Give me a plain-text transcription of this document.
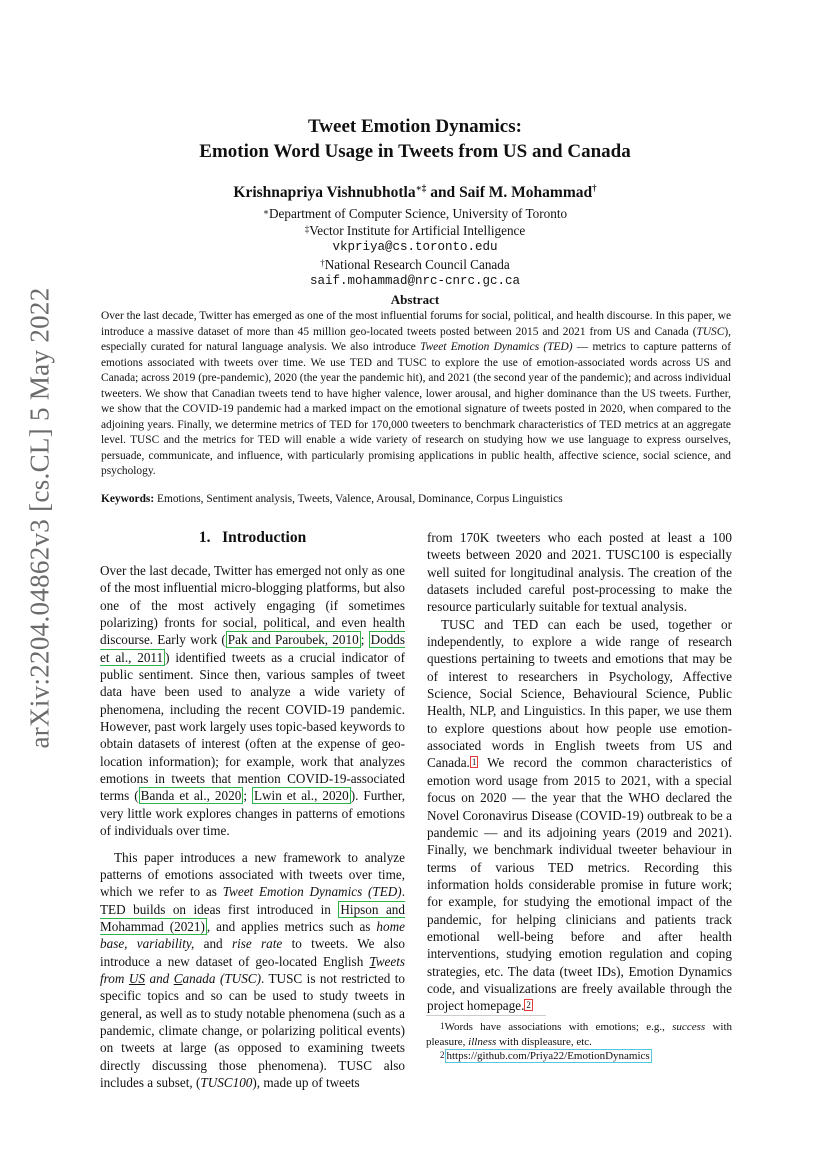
arXiv:2204.04862v3 [cs.CL] 5 May 2022
Tweet Emotion Dynamics:
Emotion Word Usage in Tweets from US and Canada
Krishnapriya Vishnubhotla∗‡ and Saif M. Mohammad†
∗Department of Computer Science, University of Toronto
‡Vector Institute for Artificial Intelligence
vkpriya@cs.toronto.edu
†National Research Council Canada
saif.mohammad@nrc-cnrc.gc.ca
Abstract
Over the last decade, Twitter has emerged as one of the most influential forums for social, political, and health discourse. In this paper, we introduce a massive dataset of more than 45 million geo-located tweets posted between 2015 and 2021 from US and Canada (TUSC), especially curated for natural language analysis. We also introduce Tweet Emotion Dynamics (TED) — metrics to capture patterns of emotions associated with tweets over time. We use TED and TUSC to explore the use of emotion-associated words across US and Canada; across 2019 (pre-pandemic), 2020 (the year the pandemic hit), and 2021 (the second year of the pandemic); and across individual tweeters. We show that Canadian tweets tend to have higher valence, lower arousal, and higher dominance than the US tweets. Further, we show that the COVID-19 pandemic had a marked impact on the emotional signature of tweets posted in 2020, when compared to the adjoining years. Finally, we determine metrics of TED for 170,000 tweeters to benchmark characteristics of TED metrics at an aggregate level. TUSC and the metrics for TED will enable a wide variety of research on studying how we use language to express ourselves, persuade, communicate, and influence, with particularly promising applications in public health, affective science, social science, and psychology.
Keywords: Emotions, Sentiment analysis, Tweets, Valence, Arousal, Dominance, Corpus Linguistics
1. Introduction

Over the last decade, Twitter has emerged not only as one of the most influential micro-blogging platforms, but also one of the most actively engaging (if sometimes polarizing) fronts for social, political, and even health discourse. Early work ( Pak and Paroubek, 2010 ; Dodds et al., 2011 ) identified tweets as a crucial indicator of public sentiment. Since then, various samples of tweet data have been used to analyze a wide variety of phenomena, including the recent COVID-19 pandemic. However, past work largely uses topic-based keywords to obtain datasets of interest (often at the expense of geo-location information); for example, work that analyzes emotions in tweets that mention COVID-19-associated terms ( Banda et al., 2020 ; Lwin et al., 2020 ). Further, very little work explores changes in patterns of emotions of individuals over time.

This paper introduces a new framework to analyze patterns of emotions associated with tweets over time, which we refer to as Tweet Emotion Dynamics (TED). TED builds on ideas first introduced in Hipson and Mohammad (2021) , and applies metrics such as home base, variability, and rise rate to tweets. We also introduce a new dataset of geo-located English Tweets from US and Canada (TUSC). TUSC is not restricted to specific topics and so can be used to study tweets in general, as well as to study notable phenomena (such as a pandemic, climate change, or polarizing political events) on tweets at large (as opposed to examining tweets directly discussing those phenomena). TUSC also includes a subset, (TUSC100), made up of tweets

from 170K tweeters who each posted at least a 100 tweets between 2020 and 2021. TUSC100 is especially well suited for longitudinal analysis. The creation of the datasets included careful post-processing to make the resource particularly suitable for textual analysis.

TUSC and TED can each be used, together or independently, to explore a wide range of research questions pertaining to tweets and emotions that may be of interest to researchers in Psychology, Affective Science, Social Science, Behavioural Science, Public Health, NLP, and Linguistics. In this paper, we use them to explore questions about how people use emotion-associated words in English tweets from US and Canada. $^1$ We record the common characteristics of emotion word usage from 2015 to 2021, with a special focus on 2020 — the year that the WHO declared the Novel Coronavirus Disease (COVID-19) outbreak to be a pandemic — and its adjoining years (2019 and 2021). Finally, we benchmark individual tweeter behaviour in terms of various TED metrics. Recording this information holds considerable promise in future work; for example, for studying the emotional impact of the pandemic, for helping clinicians and patients track emotional well-being before and after health interventions, studying emotion regulation and coping strategies, etc. The data (tweet IDs), Emotion Dynamics code, and visualizations are freely available through the project homepage. $^2$

$^1$Words have associations with emotions; e.g., success with pleasure, illness with displeasure, etc.
$^2$ https://github.com/Priya22/EmotionDynamics
